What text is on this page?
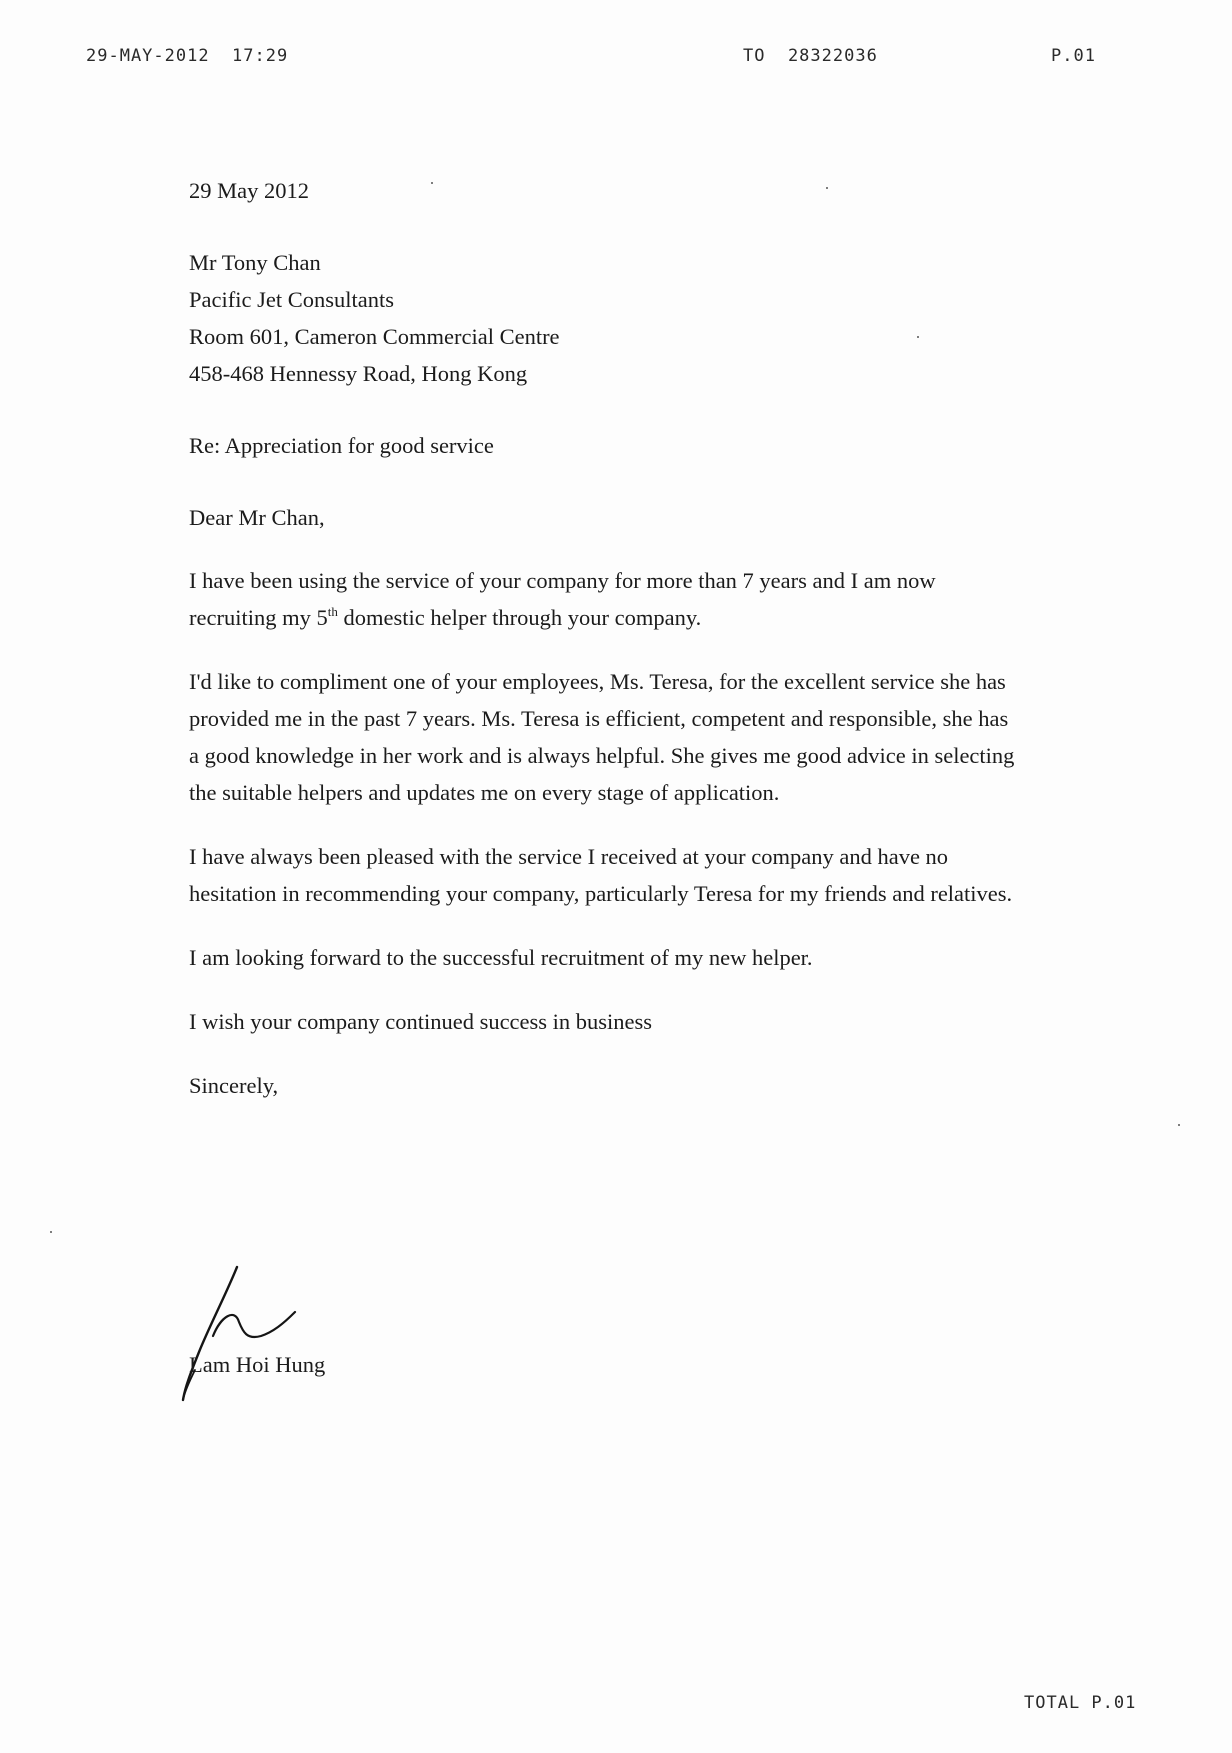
29-MAY-2012  17:29	TO  28322036	P.01

29 May 2012

Mr Tony Chan
Pacific Jet Consultants
Room 601, Cameron Commercial Centre
458-468 Hennessy Road, Hong Kong

Re: Appreciation for good service

Dear Mr Chan,

I have been using the service of your company for more than 7 years and I am now recruiting my 5th domestic helper through your company.

I'd like to compliment one of your employees, Ms. Teresa, for the excellent service she has provided me in the past 7 years. Ms. Teresa is efficient, competent and responsible, she has a good knowledge in her work and is always helpful. She gives me good advice in selecting the suitable helpers and updates me on every stage of application.

I have always been pleased with the service I received at your company and have no hesitation in recommending your company, particularly Teresa for my friends and relatives.

I am looking forward to the successful recruitment of my new helper.

I wish your company continued success in business

Sincerely,

Lam Hoi Hung
TOTAL P.01
